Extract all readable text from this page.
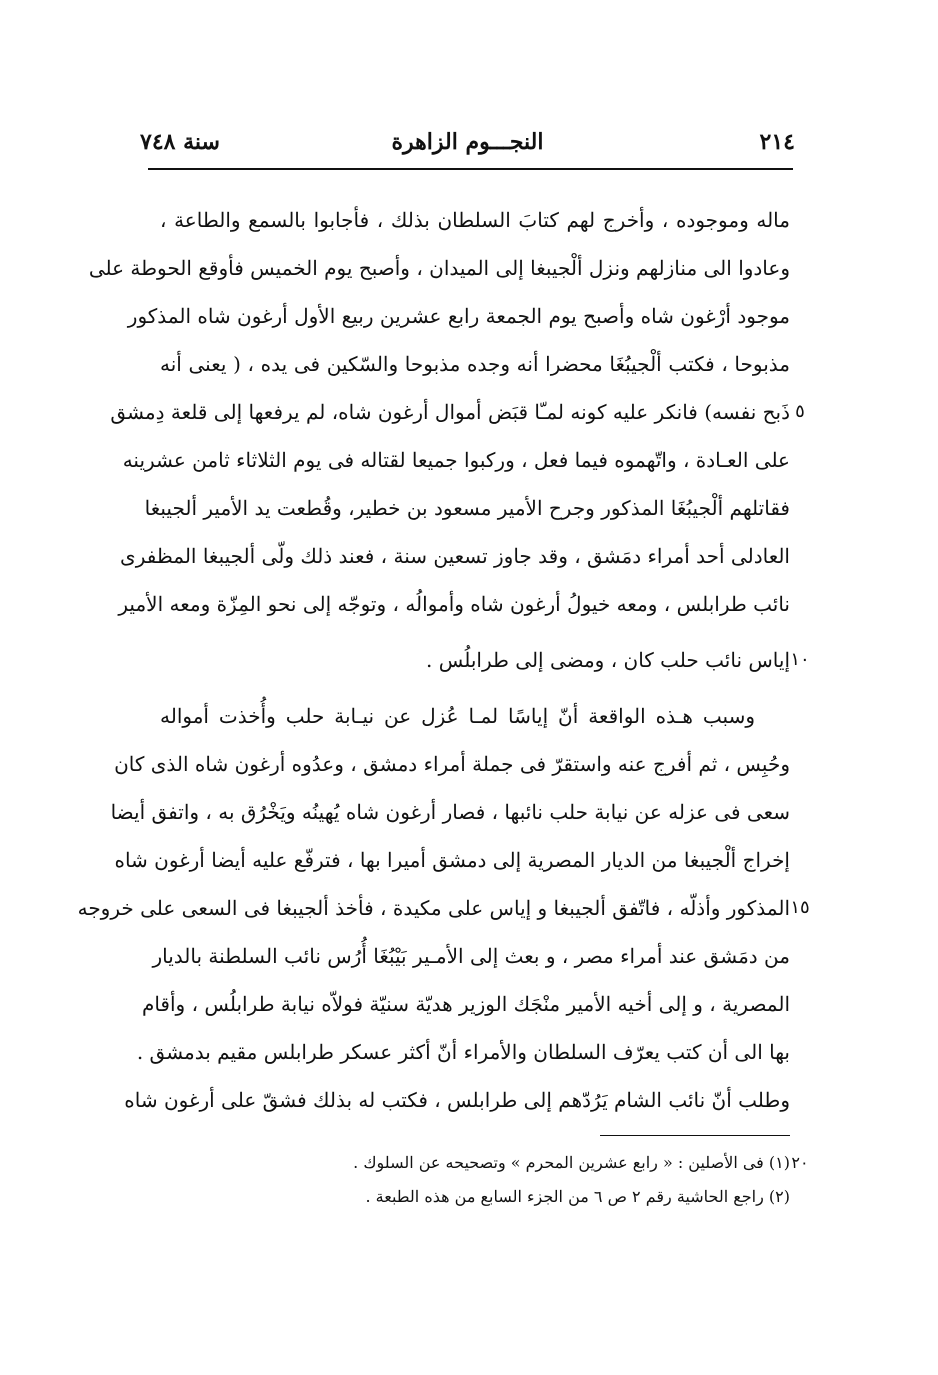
٢١٤
النجـــوم الزاهرة
سنة ٧٤٨
ماله وموجوده ، وأخرج لهم كتابَ السلطان بذلك ، فأجابوا بالسمع والطاعة ،
وعادوا الى منازلهم ونزل ألْجيبغا إلى الميدان ، وأصبح يوم الخميس فأوقع الحوطة على
موجود أرْغون شاه وأصبح يوم الجمعة رابع عشرين ربيع الأول أرغون شاه المذكور
مذبوحا ، فكتب ألْجيبُغَا محضرا أنه وجده مذبوحا والسّكين فى يده ، ( يعنى أنه
ذَبح نفسه) فانكر عليه كونه لمـّا قبَض أموال أرغون شاه، لم يرفعها إلى قلعة دِمشق ٥
على العـادة ، واتّهموه فيما فعل ، وركبوا جميعا لقتاله فى يوم الثلاثاء ثامن عشرينه
فقاتلهم ألْجيبُغَا المذكور وجرح الأمير مسعود بن خطير، وقُطعت يد الأمير ألجيبغا
العادلى أحد أمراء دمَشق ، وقد جاوز تسعين سنة ، فعند ذلك ولّى ألجيبغا المظفرى
نائب طرابلس ، ومعه خيولُ أرغون شاه وأموالُه ، وتوجّه إلى نحو المِزّة ومعه الأمير
إياس نائب حلب كان ، ومضى إلى طرابلُس . ١٠
وسبب هـذه الواقعة أنّ إياسًا لمـا عُزل عن نيـابة حلب وأُخذت أمواله
وحُبِس ، ثم أفرج عنه واستقرّ فى جملة أمراء دمشق ، وعدُوه أرغون شاه الذى كان
سعى فى عزله عن نيابة حلب نائبها ، فصار أرغون شاه يُهينُه ويَخْرُق به ، واتفق أيضا
إخراج ألْجيبغا من الديار المصرية إلى دمشق أميرا بها ، فترفّع عليه أيضا أرغون شاه
المذكور وأذلّه ، فاتّفق ألجيبغا و إياس على مكيدة ، فأخذ ألجيبغا فى السعى على خروجه ١٥
من دمَشق عند أمراء مصر ، و بعث إلى الأمـير بَيْبُغَا أُرُس نائب السلطنة بالديار
المصرية ، و إلى أخيه الأمير منْجَك الوزير هديّة سنيّة فولاّه نيابة طرابلُس ، وأقام
بها الى أن كتب يعرّف السلطان والأمراء أنّ أكثر عسكر طرابلس مقيم بدمشق .
وطلب أنّ نائب الشام يَرُدّهم إلى طرابلس ، فكتب له بذلك فشقّ على أرغون شاه
(١) فى الأصلين : « رابع عشرين المحرم » وتصحيحه عن السلوك . ٢٠
(٢) راجع الحاشية رقم ٢ ص ٦ من الجزء السابع من هذه الطبعة .
